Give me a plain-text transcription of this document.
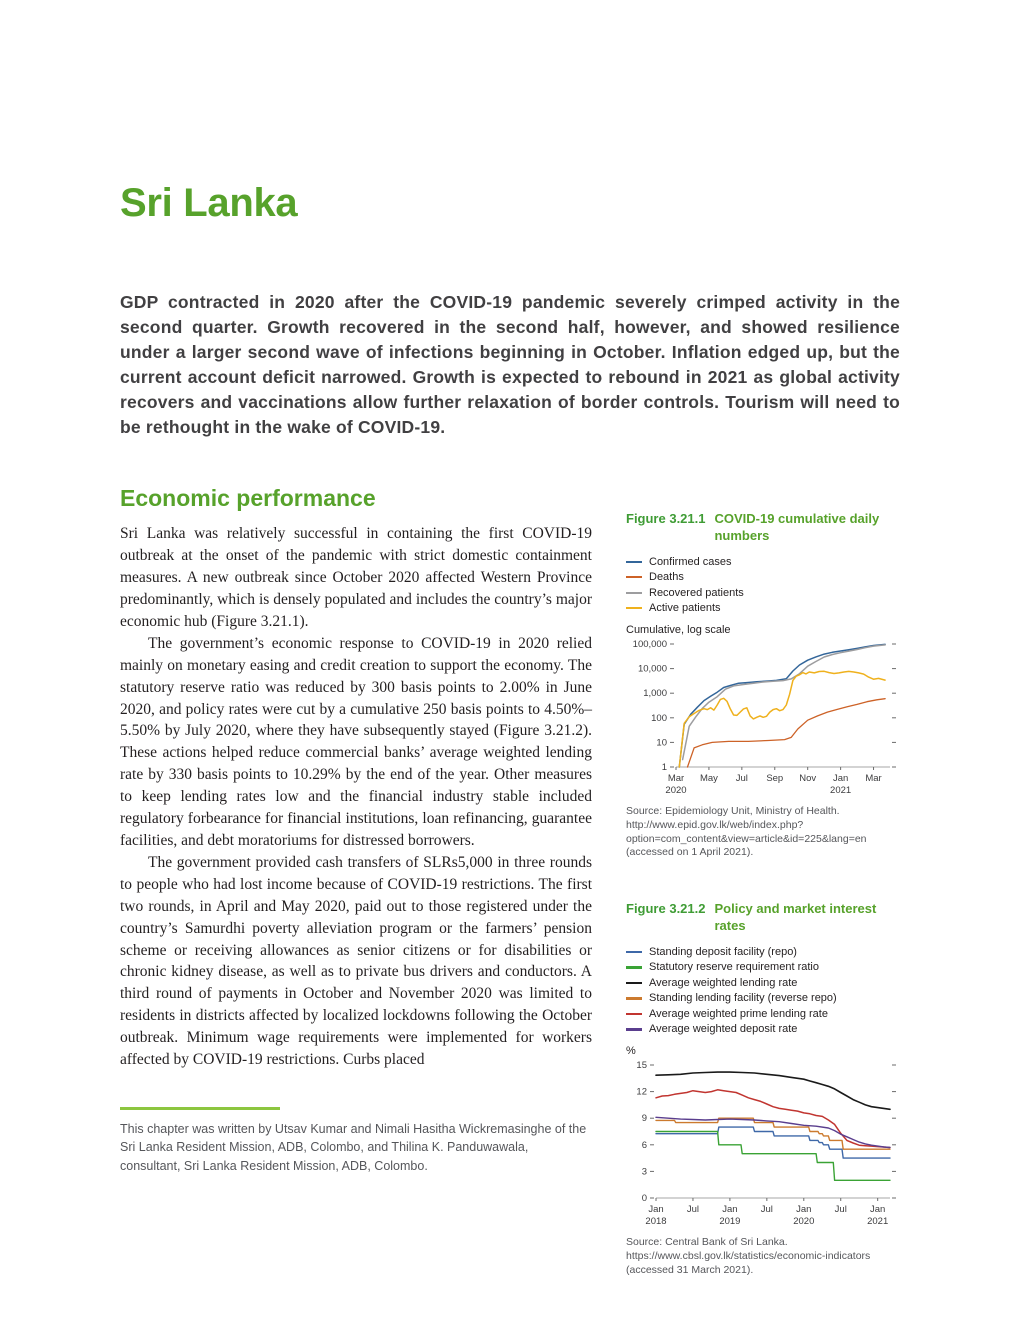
Sri Lanka

GDP contracted in 2020 after the COVID-19 pandemic severely crimped activity in the second quarter. Growth recovered in the second half, however, and showed resilience under a larger second wave of infections beginning in October. Inflation edged up, but the current account deficit narrowed. Growth is expected to rebound in 2021 as global activity recovers and vaccinations allow further relaxation of border controls. Tourism will need to be rethought in the wake of COVID-19.

Economic performance

Sri Lanka was relatively successful in containing the first COVID-19 outbreak at the onset of the pandemic with strict domestic containment measures. A new outbreak since October 2020 affected Western Province predominantly, which is densely populated and includes the country’s major economic hub (Figure 3.21.1).

The government’s economic response to COVID-19 in 2020 relied mainly on monetary easing and credit creation to support the economy. The statutory reserve ratio was reduced by 300 basis points to 2.00% in June 2020, and policy rates were cut by a cumulative 250 basis points to 4.50%–5.50% by July 2020, where they have subsequently stayed (Figure 3.21.2). These actions helped reduce commercial banks’ average weighted lending rate by 330 basis points to 10.29% by the end of the year. Other measures to keep lending rates low and the financial industry stable included regulatory forbearance for financial institutions, loan refinancing, guarantee facilities, and debt moratoriums for distressed borrowers.

The government provided cash transfers of SLRs5,000 in three rounds to people who had lost income because of COVID-19 restrictions. The first two rounds, in April and May 2020, paid out to those registered under the country’s Samurdhi poverty alleviation program or the farmers’ pension scheme or receiving allowances as senior citizens or for disabilities or chronic kidney disease, as well as to private bus drivers and conductors. A third round of payments in October and November 2020 was limited to residents in districts affected by localized lockdowns following the October outbreak. Minimum wage requirements were implemented for workers affected by COVID-19 restrictions. Curbs placed

This chapter was written by Utsav Kumar and Nimali Hasitha Wickremasinghe of the Sri Lanka Resident Mission, ADB, Colombo, and Thilina K. Panduwawala, consultant, Sri Lanka Resident Mission, ADB, Colombo.

Figure 3.21.1 COVID-19 cumulative daily numbers
Confirmed cases
Deaths
Recovered patients
Active patients
Cumulative, log scale
100,000
10,000
1,000
100
10
1
Mar
2020
May Jul Sep Nov Jan
2021
Mar

Source: Epidemiology Unit, Ministry of Health. http://www.epid.gov.lk/web/index.php?option=com_content&view=article&id=225&lang=en (accessed on 1 April 2021).

Figure 3.21.2 Policy and market interest rates
Standing deposit facility (repo)
Statutory reserve requirement ratio
Average weighted lending rate
Standing lending facility (reverse repo)
Average weighted prime lending rate
Average weighted deposit rate
%
15
12
9
6
3
0
Jan
2018
Jul Jan
2019
Jul Jan
2020
Jul Jan
2021

Source: Central Bank of Sri Lanka. https://www.cbsl.gov.lk/statistics/economic-indicators (accessed 31 March 2021).
